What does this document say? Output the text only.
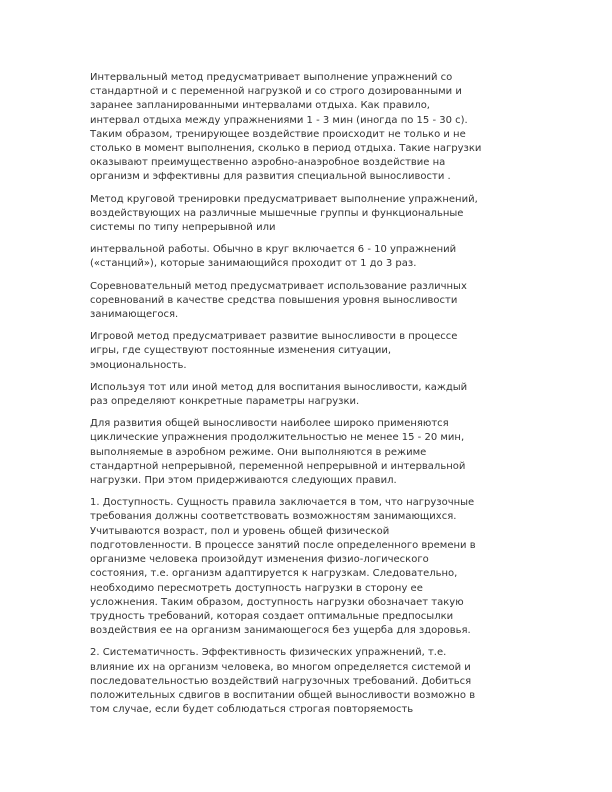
Интервальный метод предусматривает выполнение упражнений со
стандартной и с переменной нагрузкой и со строго дозированными и
заранее запланированными интервалами отдыха. Как правило,
интервал отдыха между упражнениями 1 - 3 мин (иногда по 15 - 30 с).
Таким образом, тренирующее воздействие происходит не только и не
столько в момент выполнения, сколько в период отдыха. Такие нагрузки
оказывают преимущественно аэробно-анаэробное воздействие на
организм и эффективны для развития специальной выносливости .
Метод круговой тренировки предусматривает выполнение упражнений,
воздействующих на различные мышечные группы и функциональные
системы по типу непрерывной или
интервальной работы. Обычно в круг включается 6 - 10 упражнений
(«станций»), которые занимающийся проходит от 1 до 3 раз.
Соревновательный метод предусматривает использование различных
соревнований в качестве средства повышения уровня выносливости
занимающегося.
Игровой метод предусматривает развитие выносливости в процессе
игры, где существуют постоянные изменения ситуации,
эмоциональность.
Используя тот или иной метод для воспитания выносливости, каждый
раз определяют конкретные параметры нагрузки.
Для развития общей выносливости наиболее широко применяются
циклические упражнения продолжительностью не менее 15 - 20 мин,
выполняемые в аэробном режиме. Они выполняются в режиме
стандартной непрерывной, переменной непрерывной и интервальной
нагрузки. При этом придерживаются следующих правил.
1. Доступность. Сущность правила заключается в том, что нагрузочные
требования должны соответствовать возможностям занимающихся.
Учитываются возраст, пол и уровень общей физической
подготовленности. В процессе занятий после определенного времени в
организме человека произойдут изменения физио-логического
состояния, т.е. организм адаптируется к нагрузкам. Следовательно,
необходимо пересмотреть доступность нагрузки в сторону ее
усложнения. Таким образом, доступность нагрузки обозначает такую
трудность требований, которая создает оптимальные предпосылки
воздействия ее на организм занимающегося без ущерба для здоровья.
2. Систематичность. Эффективность физических упражнений, т.е.
влияние их на организм человека, во многом определяется системой и
последовательностью воздействий нагрузочных требований. Добиться
положительных сдвигов в воспитании общей выносливости возможно в
том случае, если будет соблюдаться строгая повторяемость
